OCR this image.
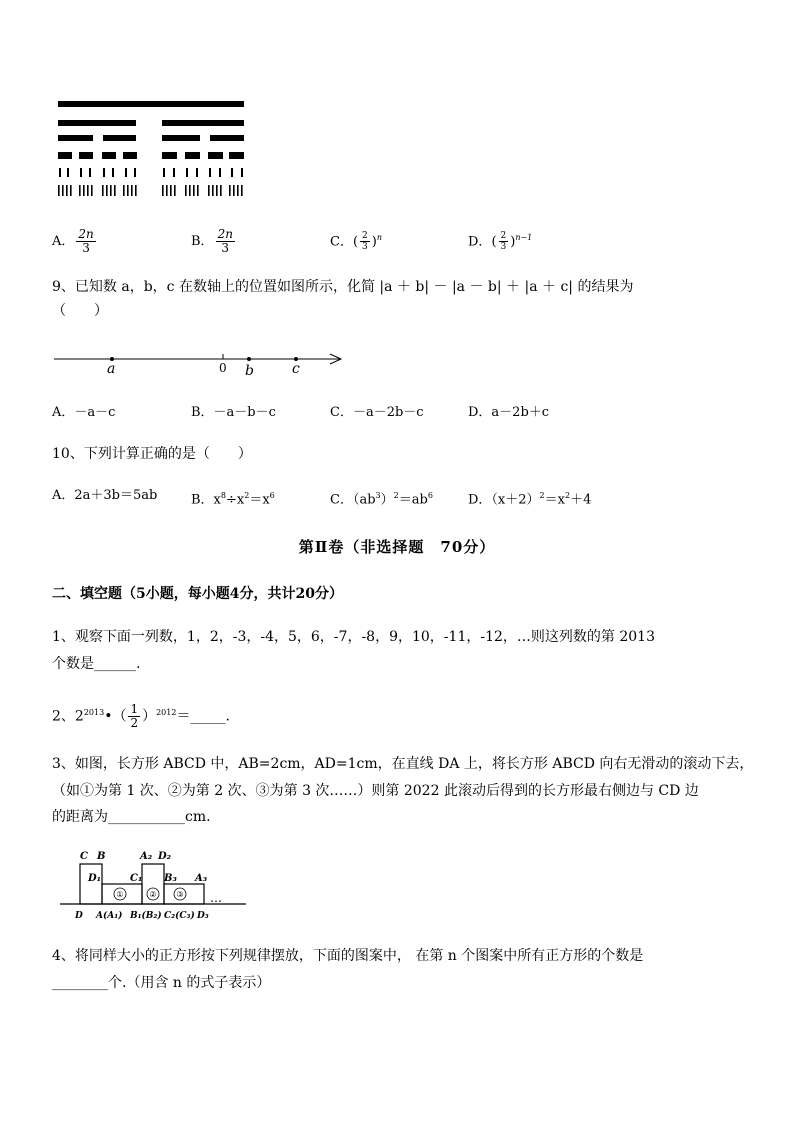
A． $\frac{2n}{3}$	B． $\frac{2n}{3}$	C．( $\frac{2}{3} )^n$	D．( $\frac{2}{3} )^{n-1}$
9、已知数 a，b，c 在数轴上的位置如图所示，化简 |a ＋ b| － |a － b| ＋ |a ＋ c| 的结果为
（　　）
a	0 b	c
A．－a－c	B．－a－b－c	C．－a－2b－c	D．a－2b＋c
10、下列计算正确的是（　　）
A．2a＋3b＝5ab	B．$x^8\div x^2=x^6$	C．$(ab^3)^2=ab^6$	D．$(x+2)^2=x^2+4$
第Ⅱ卷（非选择题　70分）
二、填空题（5小题，每小题4分，共计20分）
1、观察下面一列数，1，2，-3，-4，5，6，-7，-8，9，10，-11，-12，…则这列数的第 2013
个数是______.
2、$2^{2013}•( \frac{1}{2}$ ）$^{2012}$＝_____.
3、如图，长方形 ABCD 中，AB=2cm，AD=1cm，在直线 DA 上，将长方形 ABCD 向右无滑动的滚动下去，
（如①为第 1 次、②为第 2 次、③为第 3 次……）则第 2022 此滚动后得到的长方形最右侧边与 CD 边
的距离为___________cm.
C B	A₂ D₂
D₁	C₁ B₃ A₃
①	② ③
D A(A₁) B₁(B₂) C₂(C₃) D₃
…
4、将同样大小的正方形按下列规律摆放，下面的图案中， 在第 n 个图案中所有正方形的个数是
________个.（用含 n 的式子表示）
